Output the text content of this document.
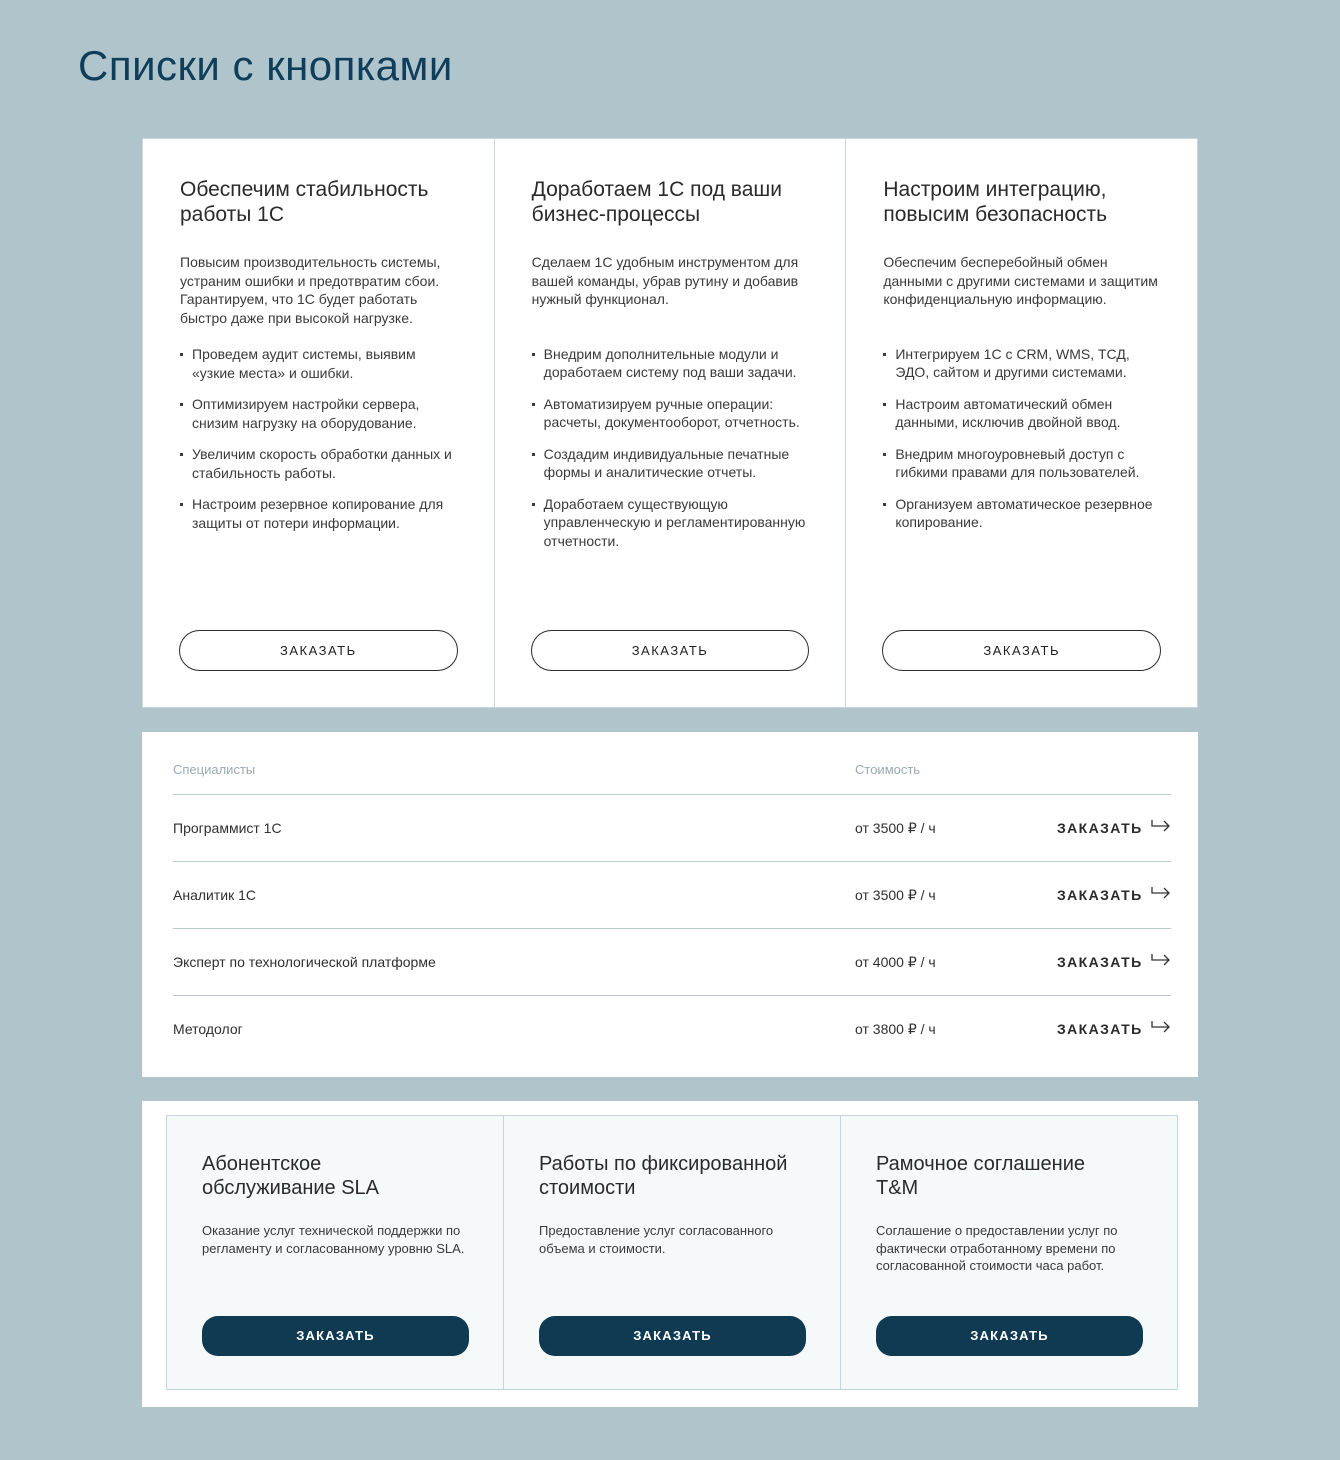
Списки с кнопками
Обеспечим стабильность
работы 1С

Повысим производительность системы, устраним ошибки и предотвратим сбои. Гарантируем, что 1С будет работать быстро даже при высокой нагрузке.

Проведем аудит системы, выявим «узкие места» и ошибки.
Оптимизируем настройки сервера, снизим нагрузку на оборудование.
Увеличим скорость обработки данных и стабильность работы.
Настроим резервное копирование для защиты от потери информации.
ЗАКАЗАТЬ
Доработаем 1С под ваши
бизнес-процессы

Сделаем 1С удобным инструментом для вашей команды, убрав рутину и добавив нужный функционал.

Внедрим дополнительные модули и доработаем систему под ваши задачи.
Автоматизируем ручные операции: расчеты, документооборот, отчетность.
Создадим индивидуальные печатные формы и аналитические отчеты.
Доработаем существующую управленческую и регламентированную отчетности.
ЗАКАЗАТЬ
Настроим интеграцию,
повысим безопасность

Обеспечим бесперебойный обмен данными с другими системами и защитим конфиденциальную информацию.

Интегрируем 1С с CRM, WMS, ТСД, ЭДО, сайтом и другими системами.
Настроим автоматический обмен данными, исключив двойной ввод.
Внедрим многоуровневый доступ с гибкими правами для пользователей.
Организуем автоматическое резервное копирование.
ЗАКАЗАТЬ
Специалисты	Стоимость
Программист 1С	от 3500 ₽ / ч	ЗАКАЗАТЬ
Аналитик 1С	от 3500 ₽ / ч	ЗАКАЗАТЬ
Эксперт по технологической платформе	от 4000 ₽ / ч	ЗАКАЗАТЬ
Методолог	от 3800 ₽ / ч	ЗАКАЗАТЬ
Абонентское
обслуживание SLA

Оказание услуг технической поддержки по регламенту и согласованному уровню SLA.

ЗАКАЗАТЬ
Работы по фиксированной
стоимости

Предоставление услуг согласованного объема и стоимости.

ЗАКАЗАТЬ
Рамочное соглашение
T&M

Соглашение о предоставлении услуг по фактически отработанному времени по согласованной стоимости часа работ.

ЗАКАЗАТЬ
